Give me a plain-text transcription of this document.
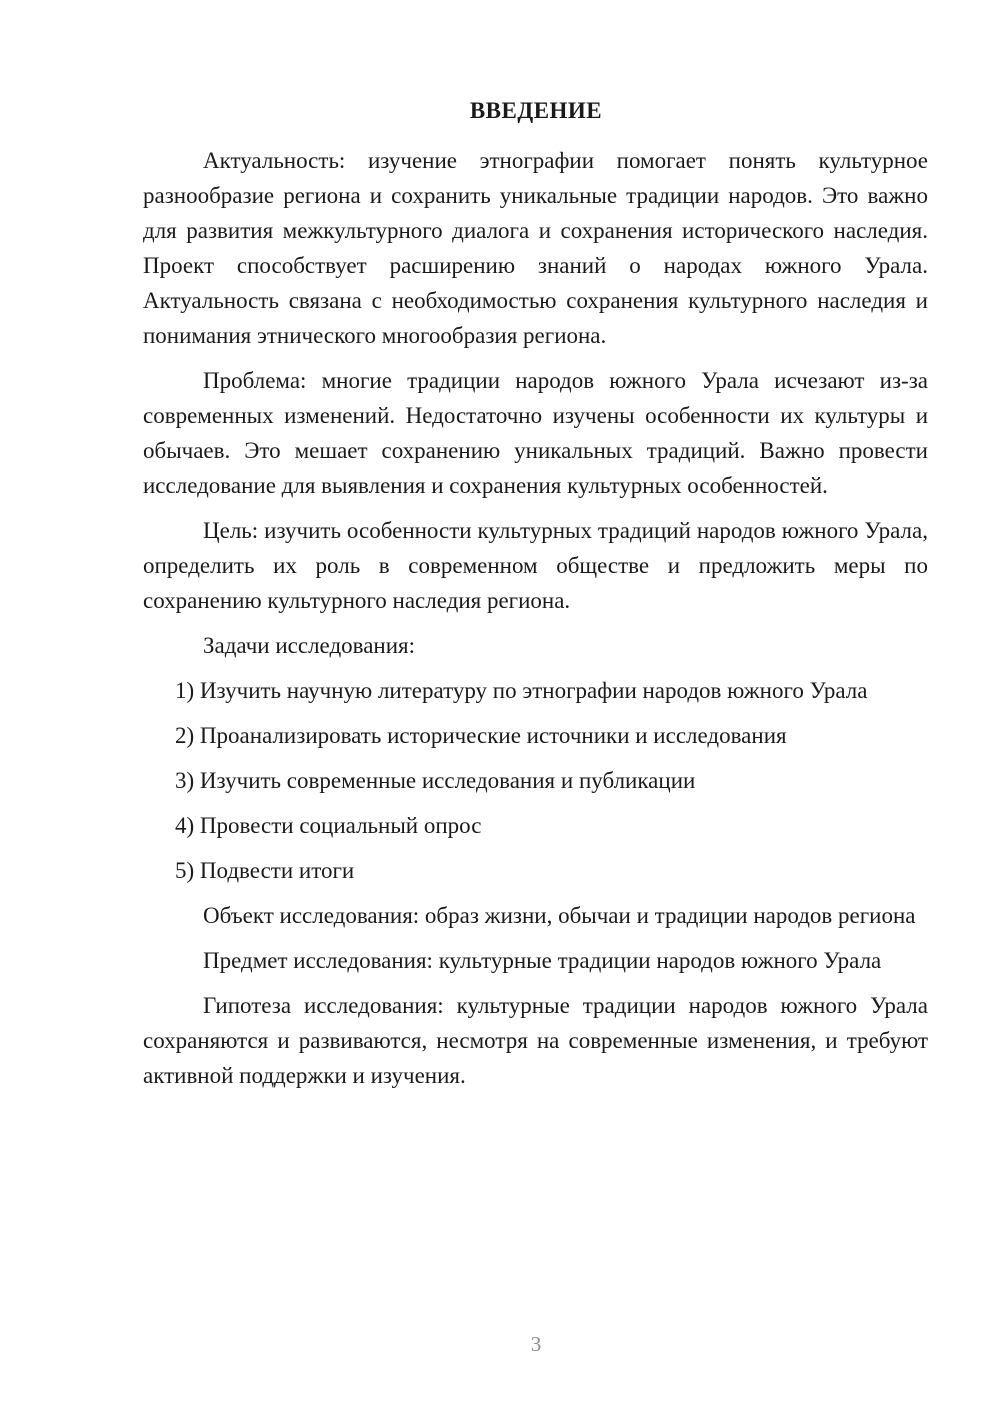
ВВЕДЕНИЕ

Актуальность: изучение этнографии помогает понять культурное разнообразие региона и сохранить уникальные традиции народов. Это важно для развития межкультурного диалога и сохранения исторического наследия. Проект способствует расширению знаний о народах южного Урала. Актуальность связана с необходимостью сохранения культурного наследия и понимания этнического многообразия региона.

Проблема: многие традиции народов южного Урала исчезают из-за современных изменений. Недостаточно изучены особенности их культуры и обычаев. Это мешает сохранению уникальных традиций. Важно провести исследование для выявления и сохранения культурных особенностей.

Цель: изучить особенности культурных традиций народов южного Урала, определить их роль в современном обществе и предложить меры по сохранению культурного наследия региона.

Задачи исследования:

1) Изучить научную литературу по этнографии народов южного Урала

2) Проанализировать исторические источники и исследования

3) Изучить современные исследования и публикации

4) Провести социальный опрос

5) Подвести итоги

Объект исследования: образ жизни, обычаи и традиции народов региона

Предмет исследования: культурные традиции народов южного Урала

Гипотеза исследования: культурные традиции народов южного Урала сохраняются и развиваются, несмотря на современные изменения, и требуют активной поддержки и изучения.

3
